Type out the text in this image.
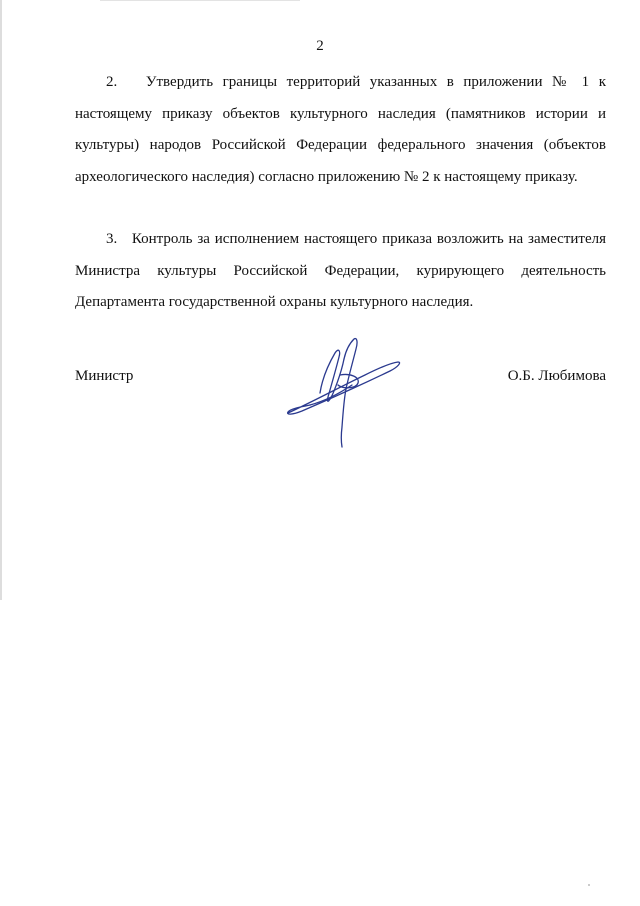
2

2. Утвердить границы территорий указанных в приложении № 1 к настоящему приказу объектов культурного наследия (памятников истории и культуры) народов Российской Федерации федерального значения (объектов археологического наследия) согласно приложению № 2 к настоящему приказу.

3. Контроль за исполнением настоящего приказа возложить на заместителя Министра культуры Российской Федерации, курирующего деятельность Департамента государственной охраны культурного наследия.

Министр	О.Б. Любимова
